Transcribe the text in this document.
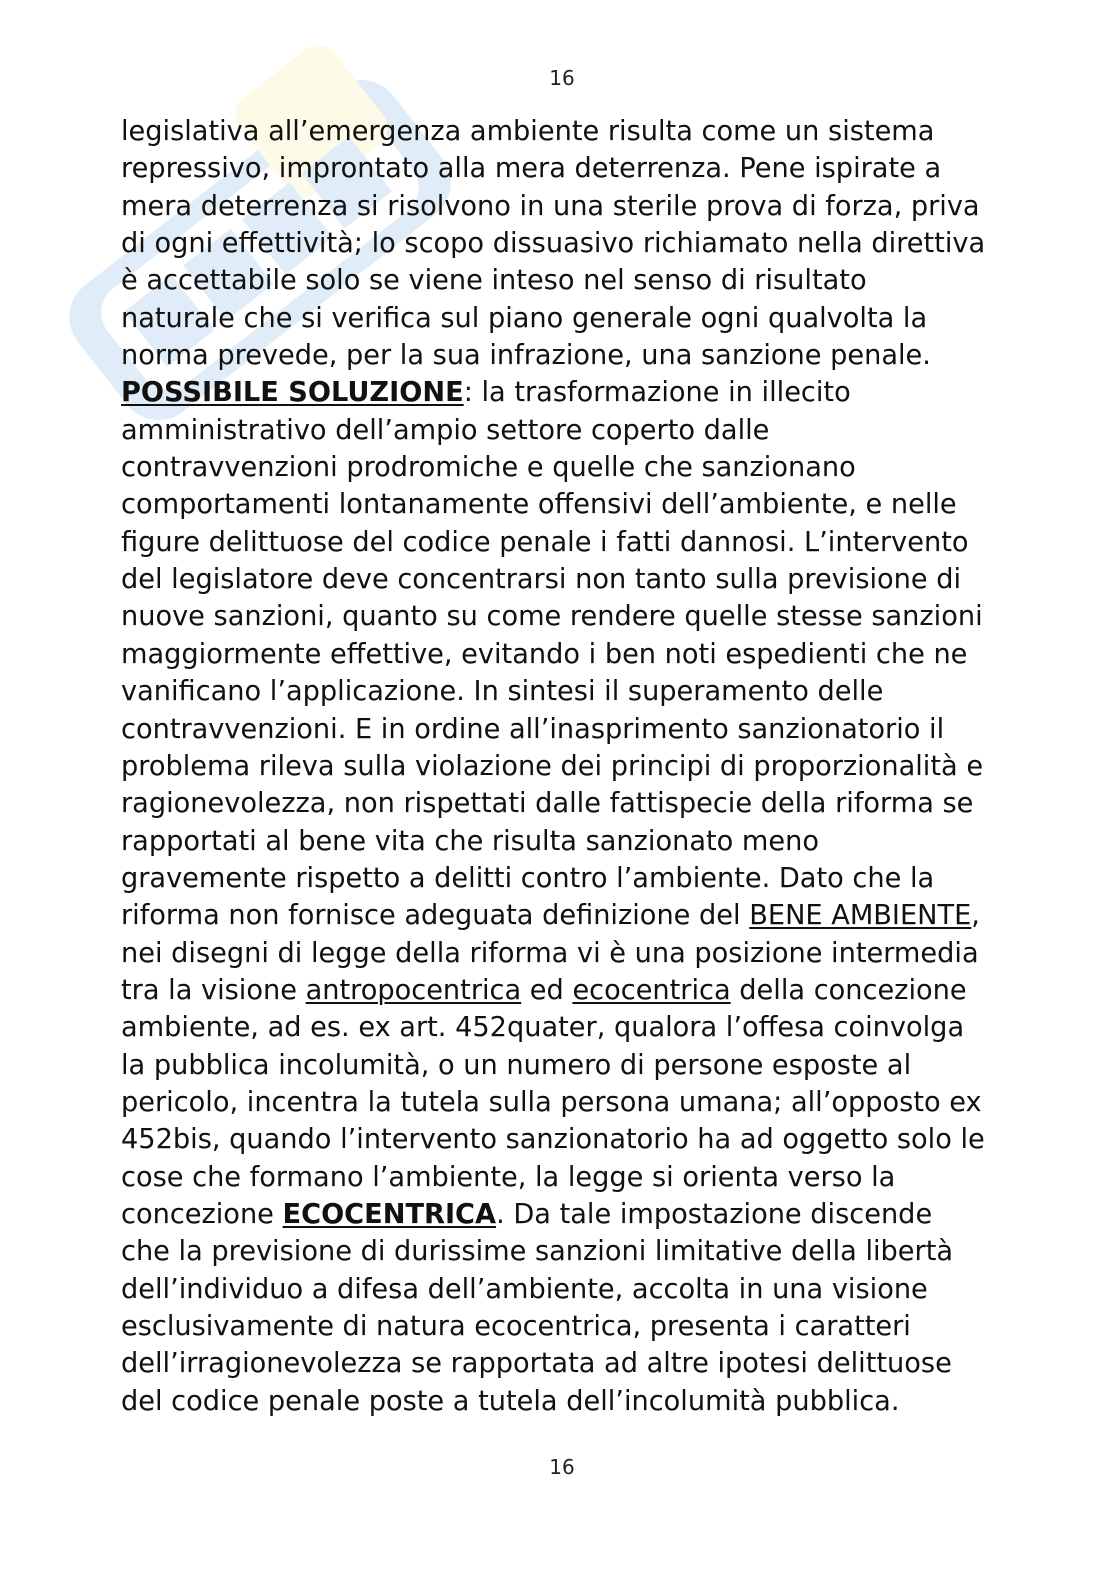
16

legislativa all’emergenza ambiente risulta come un sistema
repressivo, improntato alla mera deterrenza. Pene ispirate a
mera deterrenza si risolvono in una sterile prova di forza, priva
di ogni effettività; lo scopo dissuasivo richiamato nella direttiva
è accettabile solo se viene inteso nel senso di risultato
naturale che si verifica sul piano generale ogni qualvolta la
norma prevede, per la sua infrazione, una sanzione penale.
POSSIBILE SOLUZIONE: la trasformazione in illecito
amministrativo dell’ampio settore coperto dalle
contravvenzioni prodromiche e quelle che sanzionano
comportamenti lontanamente offensivi dell’ambiente, e nelle
figure delittuose del codice penale i fatti dannosi. L’intervento
del legislatore deve concentrarsi non tanto sulla previsione di
nuove sanzioni, quanto su come rendere quelle stesse sanzioni
maggiormente effettive, evitando i ben noti espedienti che ne
vanificano l’applicazione. In sintesi il superamento delle
contravvenzioni. E in ordine all’inasprimento sanzionatorio il
problema rileva sulla violazione dei principi di proporzionalità e
ragionevolezza, non rispettati dalle fattispecie della riforma se
rapportati al bene vita che risulta sanzionato meno
gravemente rispetto a delitti contro l’ambiente. Dato che la
riforma non fornisce adeguata definizione del BENE AMBIENTE,
nei disegni di legge della riforma vi è una posizione intermedia
tra la visione antropocentrica ed ecocentrica della concezione
ambiente, ad es. ex art. 452quater, qualora l’offesa coinvolga
la pubblica incolumità, o un numero di persone esposte al
pericolo, incentra la tutela sulla persona umana; all’opposto ex
452bis, quando l’intervento sanzionatorio ha ad oggetto solo le
cose che formano l’ambiente, la legge si orienta verso la
concezione ECOCENTRICA. Da tale impostazione discende
che la previsione di durissime sanzioni limitative della libertà
dell’individuo a difesa dell’ambiente, accolta in una visione
esclusivamente di natura ecocentrica, presenta i caratteri
dell’irragionevolezza se rapportata ad altre ipotesi delittuose
del codice penale poste a tutela dell’incolumità pubblica.

16
